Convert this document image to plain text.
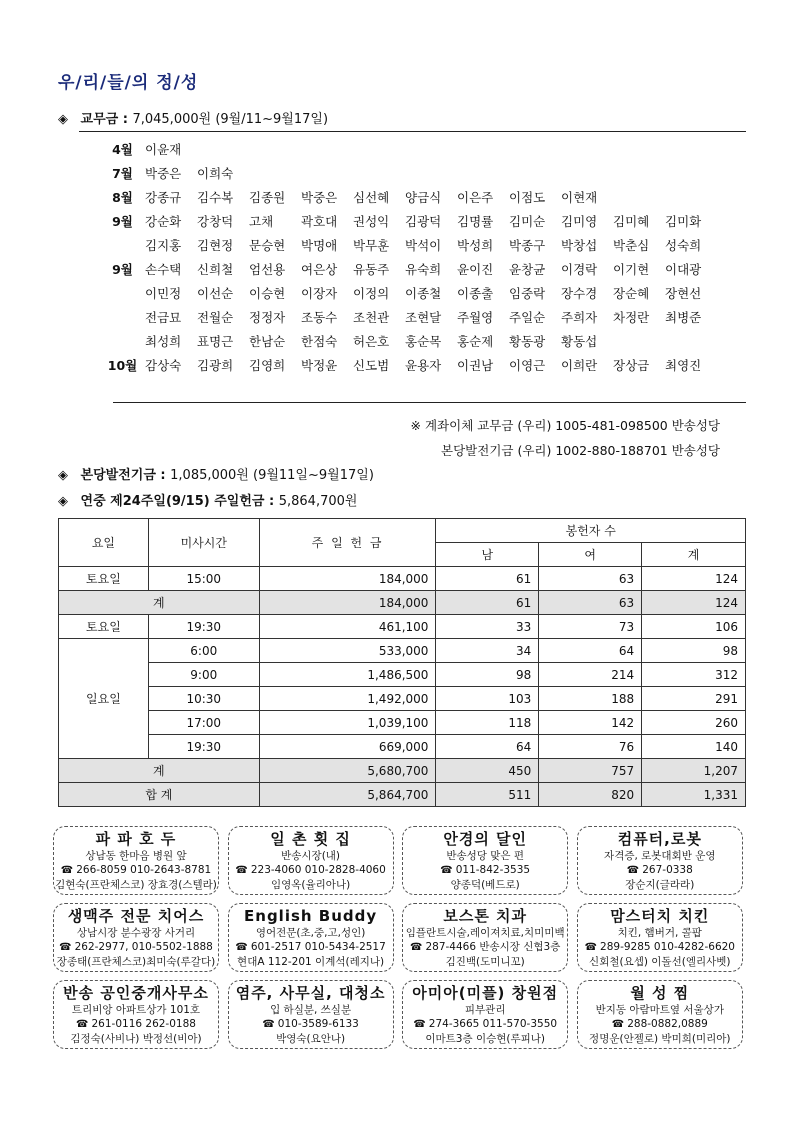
우/리/들/의 정/성
◈ 교무금 : 7,045,000원 (9월/11~9월17일)
4월 이윤재
7월 박중은	이희숙
8월 강종규	김수복	김종원	박중은	심선혜	양금식	이은주	이점도	이현재
9월 강순화	강창덕	고채	곽호대	권성익	김광덕	김명률	김미순	김미영	김미혜	김미화
김지홍	김현정	문승현	박명애	박무훈	박석이	박성희	박종구	박창섭	박춘심	성숙희
9월 손수택	신희철	엄선용	여은상	유동주	유숙희	윤이진	윤창균	이경락	이기현	이대광
이민정	이선순	이승현	이장자	이정의	이종철	이종출	임중락	장수경	장순혜	장현선
전금묘	전월순	정정자	조동수	조천관	조현달	주월영	주일순	주희자	차정란	최병준
최성희	표명근	한남순	한점숙	허은호	홍순목	홍순제	황동광	황동섭
10월 감상숙	김광희	김영희	박정윤	신도범	윤용자	이권남	이영근	이희란	장상금	최영진
※ 계좌이체 교무금 (우리) 1005-481-098500 반송성당
본당발전기금 (우리) 1002-880-188701 반송성당
◈ 본당발전기금 : 1,085,000원 (9월11일~9월17일)
◈ 연중 제24주일(9/15) 주일헌금 : 5,864,700원
요일	미사시간	주 일 헌 금	봉헌자 수		
			남	여	계
토요일	15:00	184,000	61	63	124
계		184,000	61	63	124
토요일	19:30	461,100	33	73	106
일요일	6:00	533,000	34	64	98
	9:00	1,486,500	98	214	312
	10:30	1,492,000	103	188	291
	17:00	1,039,100	118	142	260
	19:30	669,000	64	76	140
계		5,680,700	450	757	1,207
합 계		5,864,700	511	820	1,331
파 파 호 두
상남동 한마음 병원 앞
☎ 266-8059 010-2643-8781
김현숙(프란체스코) 장효경(스텔라)
일 촌 횟 집
반송시장(내)
☎ 223-4060 010-2828-4060
임영옥(율리아나)
안경의 달인
반송성당 맞은 편
☎ 011-842-3535
양종덕(베드로)
컴퓨터,로봇
자격증, 로봇대회반 운영
☎ 267-0338
장순지(글라라)
생맥주 전문 치어스
상남시장 분수광장 사거리
☎ 262-2977, 010-5502-1888
장종태(프란체스코)최미숙(루갈다)
English Buddy
영어전문(초,중,고,성인)
☎ 601-2517 010-5434-2517
현대A 112-201 이계석(레지나)
보스톤 치과
임플란트시술,레이져치료,치미미백
☎ 287-4466 반송시장 신협3층
김진백(도미니꼬)
맘스터치 치킨
치킨, 햄버거, 콜팝
☎ 289-9285 010-4282-6620
신회철(요셉) 이돌선(엘리사벳)
반송 공인중개사무소
트리비앙 아파트상가 101호
☎ 261-0116 262-0188
김정숙(사비나) 박정선(비아)
염주, 사무실, 대청소
입 하실분, 쓰실분
☎ 010-3589-6133
박영숙(요안나)
아미아(미플) 창원점
피부관리
☎ 274-3665 011-570-3550
이마트3층 이승현(루피나)
월 성 찜
반지동 아람마트옆 서울상가
☎ 288-0882,0889
정명운(안젤로) 박미희(미리아)
